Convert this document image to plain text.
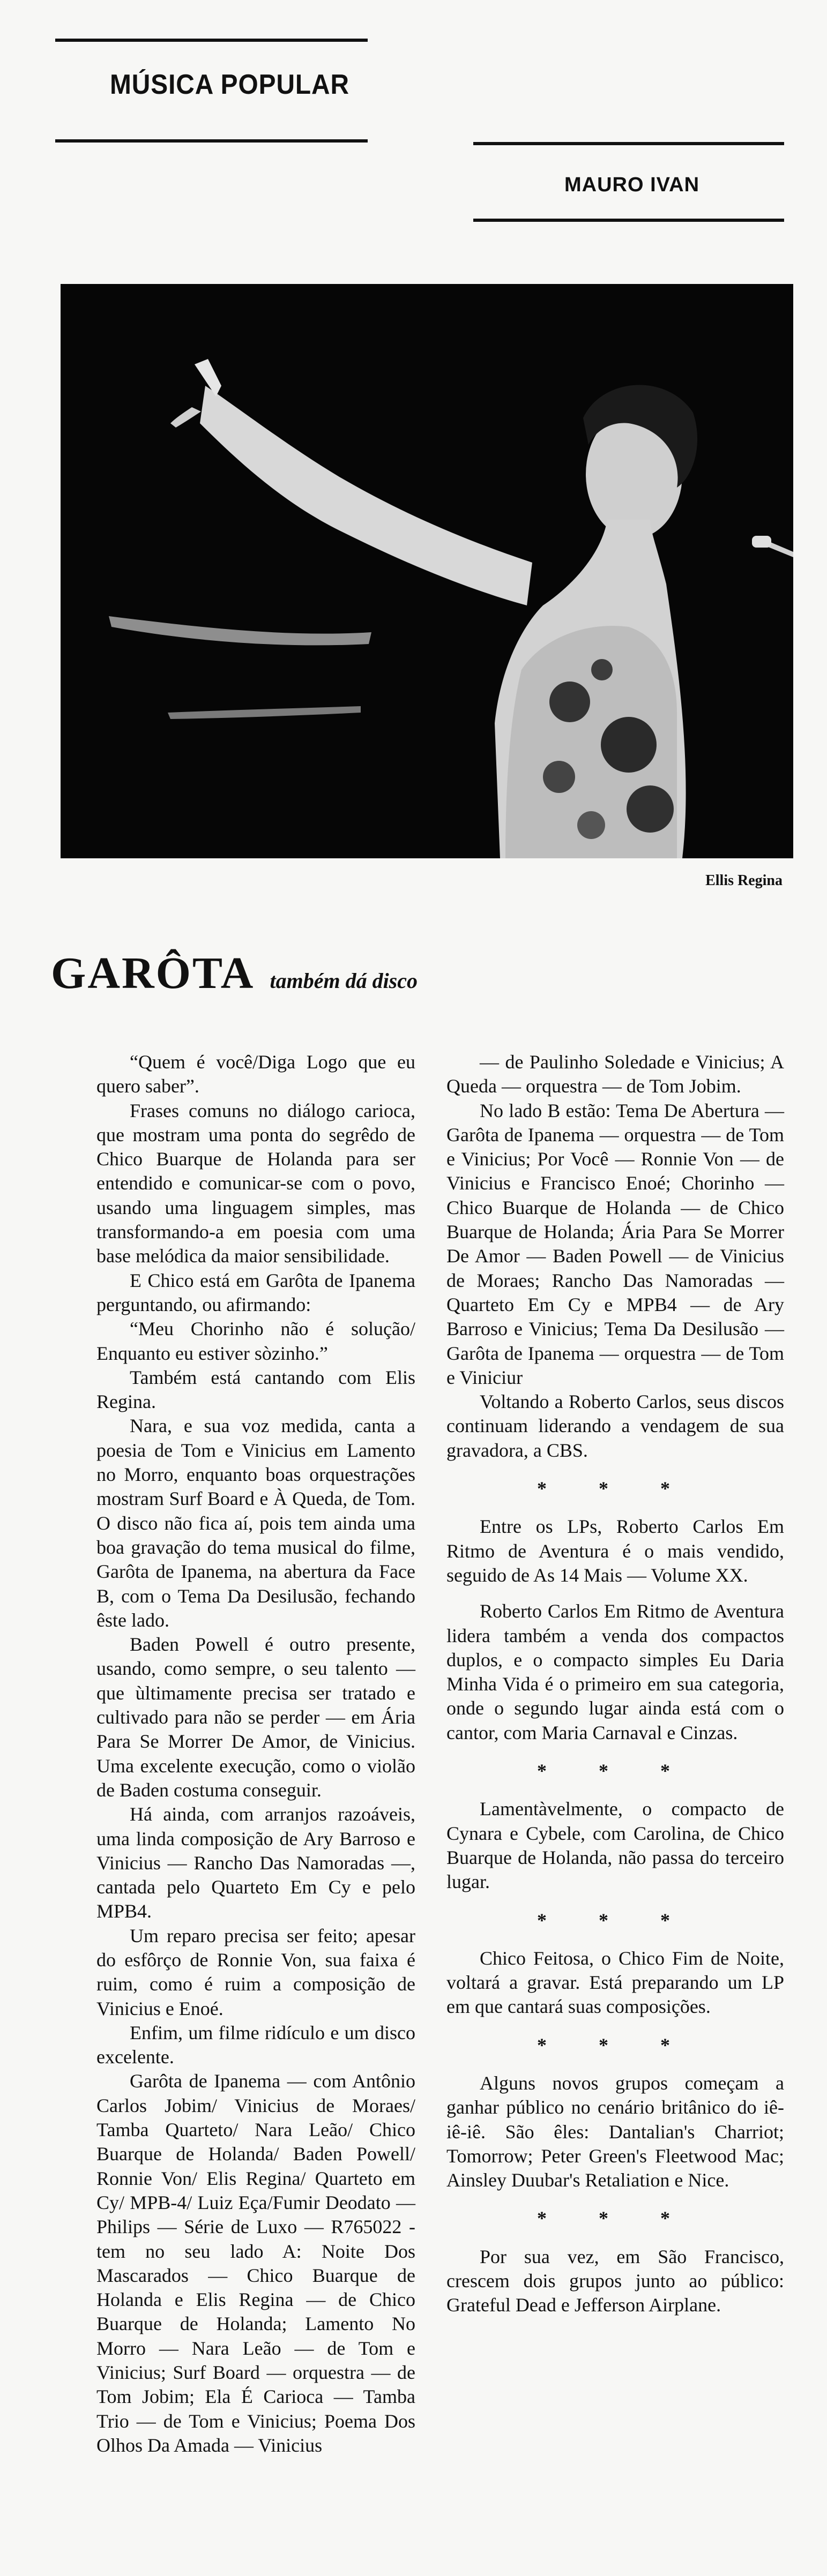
MÚSICA POPULAR
MAURO IVAN
Ellis Regina
GARÔTA também dá disco

“Quem é você/Diga Logo que eu quero saber”.

Frases comuns no diálogo carioca, que mostram uma ponta do segrêdo de Chico Buarque de Holanda para ser entendido e comunicar-se com o povo, usando uma linguagem simples, mas transformando-a em poesia com uma base melódica da maior sensibilidade.

E Chico está em Garôta de Ipanema perguntando, ou afirmando:

“Meu Chorinho não é solução/ Enquanto eu estiver sòzinho.”

Também está cantando com Elis Regina.

Nara, e sua voz medida, canta a poesia de Tom e Vinicius em Lamento no Morro, enquanto boas orquestrações mostram Surf Board e À Queda, de Tom. O disco não fica aí, pois tem ainda uma boa gravação do tema musical do filme, Garôta de Ipanema, na abertura da Face B, com o Tema Da Desilusão, fechando êste lado.

Baden Powell é outro presente, usando, como sempre, o seu talento — que ùltimamente precisa ser tratado e cultivado para não se perder — em Ária Para Se Morrer De Amor, de Vinicius. Uma excelente execução, como o violão de Baden costuma conseguir.

Há ainda, com arranjos razoáveis, uma linda composição de Ary Barroso e Vinicius — Rancho Das Namoradas —, cantada pelo Quarteto Em Cy e pelo MPB4.

Um reparo precisa ser feito; apesar do esfôrço de Ronnie Von, sua faixa é ruim, como é ruim a composição de Vinicius e Enoé.

Enfim, um filme ridículo e um disco excelente.

Garôta de Ipanema — com Antônio Carlos Jobim/ Vinicius de Moraes/ Tamba Quarteto/ Nara Leão/ Chico Buarque de Holanda/ Baden Powell/ Ronnie Von/ Elis Regina/ Quarteto em Cy/ MPB-4/ Luiz Eça/Fumir Deodato — Philips — Série de Luxo — R765022 - tem no seu lado A: Noite Dos Mascarados — Chico Buarque de Holanda e Elis Regina — de Chico Buarque de Holanda; Lamento No Morro — Nara Leão — de Tom e Vinicius; Surf Board — orquestra — de Tom Jobim; Ela É Carioca — Tamba Trio — de Tom e Vinicius; Poema Dos Olhos Da Amada — Vinicius

— de Paulinho Soledade e Vinicius; A Queda — orquestra — de Tom Jobim.

No lado B estão: Tema De Abertura — Garôta de Ipanema — orquestra — de Tom e Vinicius; Por Você — Ronnie Von — de Vinicius e Francisco Enoé; Chorinho — Chico Buarque de Holanda — de Chico Buarque de Holanda; Ária Para Se Morrer De Amor — Baden Powell — de Vinicius de Moraes; Rancho Das Namoradas — Quarteto Em Cy e MPB4 — de Ary Barroso e Vinicius; Tema Da Desilusão — Garôta de Ipanema — orquestra — de Tom e Viniciur

Voltando a Roberto Carlos, seus discos continuam liderando a vendagem de sua gravadora, a CBS.

* * *

Entre os LPs, Roberto Carlos Em Ritmo de Aventura é o mais vendido, seguido de As 14 Mais — Volume XX.

Roberto Carlos Em Ritmo de Aventura lidera também a venda dos compactos duplos, e o compacto simples Eu Daria Minha Vida é o primeiro em sua categoria, onde o segundo lugar ainda está com o cantor, com Maria Carnaval e Cinzas.

* * *

Lamentàvelmente, o compacto de Cynara e Cybele, com Carolina, de Chico Buarque de Holanda, não passa do terceiro lugar.

* * *

Chico Feitosa, o Chico Fim de Noite, voltará a gravar. Está preparando um LP em que cantará suas composições.

* * *

Alguns novos grupos começam a ganhar público no cenário britânico do iê-iê-iê. São êles: Dantalian's Charriot; Tomorrow; Peter Green's Fleetwood Mac; Ainsley Duubar's Retaliation e Nice.

* * *

Por sua vez, em São Francisco, crescem dois grupos junto ao público: Grateful Dead e Jefferson Airplane.
